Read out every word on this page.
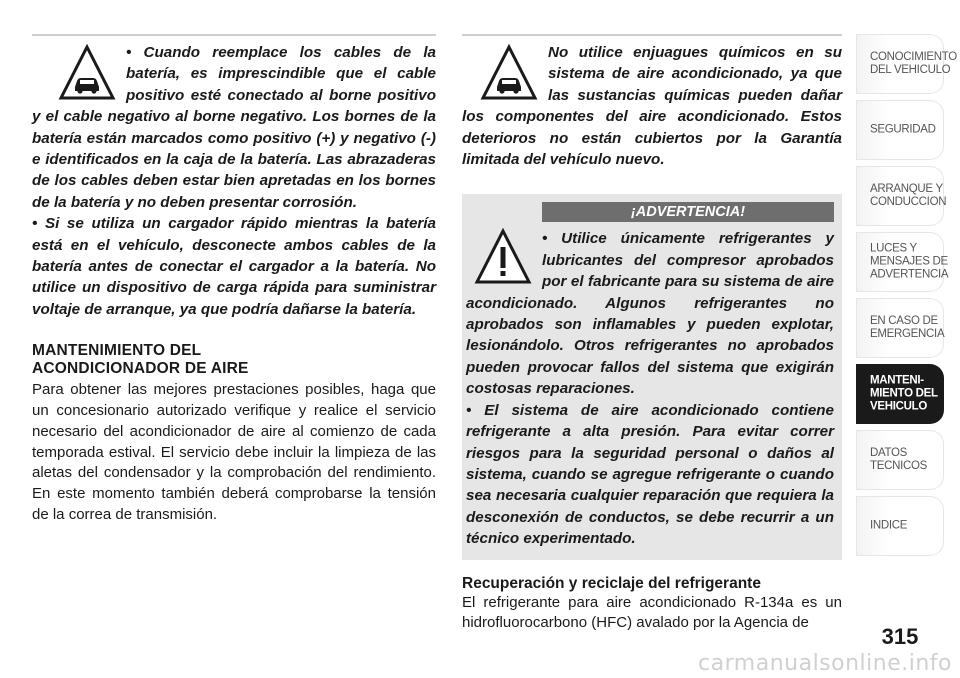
• Cuando reemplace los cables de la batería, es imprescindible que el cable positivo esté conectado al borne positivo y el cable negativo al borne negativo. Los bornes de la batería están marcados como positivo (+) y negativo (-) e identificados en la caja de la batería. Las abrazaderas de los cables deben estar bien apretadas en los bornes de la batería y no deben presentar corrosión.

• Si se utiliza un cargador rápido mientras la batería está en el vehículo, desconecte ambos cables de la batería antes de conectar el cargador a la batería. No utilice un dispositivo de carga rápida para suministrar voltaje de arranque, ya que podría dañarse la batería.

MANTENIMIENTO DEL
ACONDICIONADOR DE AIRE

Para obtener las mejores prestaciones posibles, haga que un concesionario autorizado verifique y realice el servicio necesario del acondicionador de aire al comienzo de cada temporada estival. El servicio debe incluir la limpieza de las aletas del condensador y la comprobación del rendimiento. En este momento también deberá comprobarse la tensión de la correa de transmisión.

No utilice enjuagues químicos en su sistema de aire acondicionado, ya que las sustancias químicas pueden dañar los componentes del aire acondicionado. Estos deterioros no están cubiertos por la Garantía limitada del vehículo nuevo.

¡ADVERTENCIA!

• Utilice únicamente refrigerantes y lubricantes del compresor aprobados por el fabricante para su sistema de aire acondicionado. Algunos refrigerantes no aprobados son inflamables y pueden explotar, lesionándolo. Otros refrigerantes no aprobados pueden provocar fallos del sistema que exigirán costosas reparaciones.

• El sistema de aire acondicionado contiene refrigerante a alta presión. Para evitar correr riesgos para la seguridad personal o daños al sistema, cuando se agregue refrigerante o cuando sea necesaria cualquier reparación que requiera la desconexión de conductos, se debe recurrir a un técnico experimentado.

Recuperación y reciclaje del refrigerante

El refrigerante para aire acondicionado R-134a es un hidrofluorocarbono (HFC) avalado por la Agencia de

CONOCIMIENTO
DEL VEHICULO
SEGURIDAD
ARRANQUE Y
CONDUCCION
LUCES Y
MENSAJES DE
ADVERTENCIA
EN CASO DE
EMERGENCIA
MANTENI-
MIENTO DEL
VEHICULO
DATOS
TECNICOS
INDICE
315
carmanualsonline.info
